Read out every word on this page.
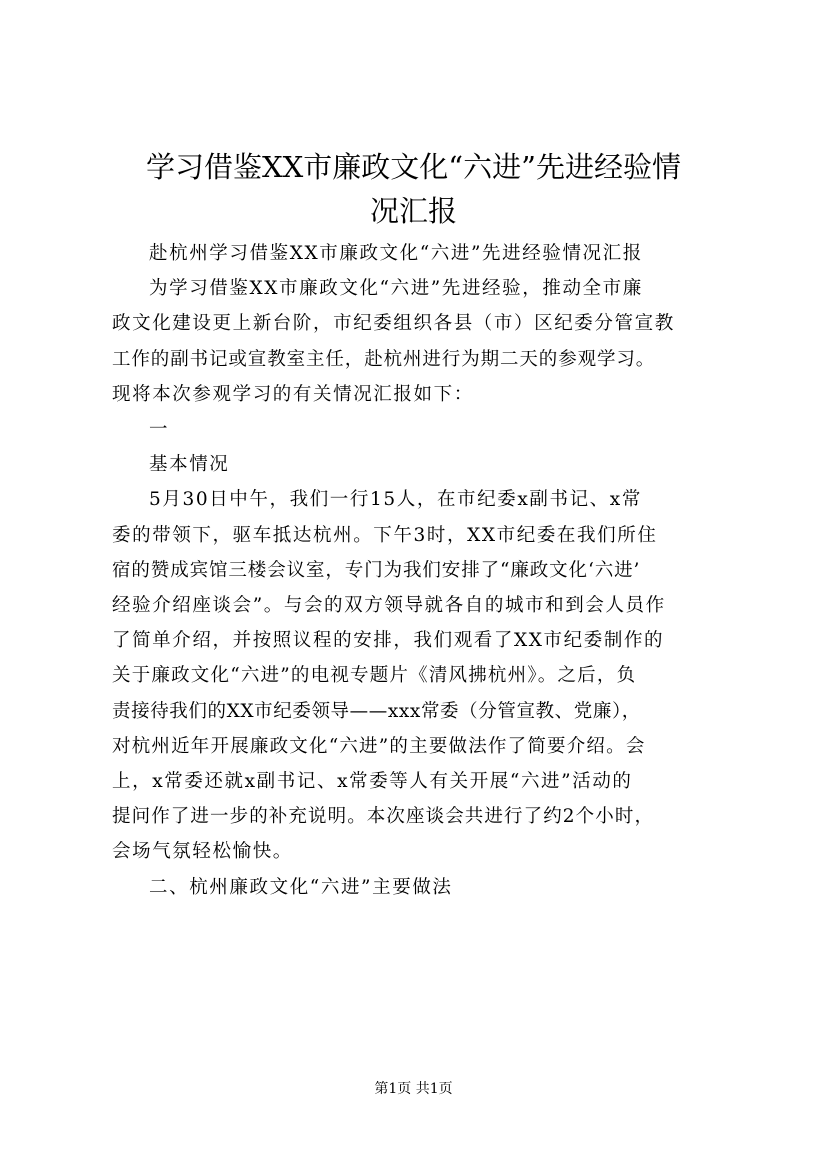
学习借鉴XX市廉政文化“六进”先进经验情
况汇报

赴杭州学习借鉴XX市廉政文化“六进”先进经验情况汇报

为学习借鉴XX市廉政文化“六进”先进经验，推动全市廉
政文化建设更上新台阶，市纪委组织各县（市）区纪委分管宣教
工作的副书记或宣教室主任，赴杭州进行为期二天的参观学习。
现将本次参观学习的有关情况汇报如下：

一

基本情况

5月30日中午，我们一行15人，在市纪委x副书记、x常
委的带领下，驱车抵达杭州。下午3时，XX市纪委在我们所住
宿的赞成宾馆三楼会议室，专门为我们安排了“廉政文化‘六进’
经验介绍座谈会”。与会的双方领导就各自的城市和到会人员作
了简单介绍，并按照议程的安排，我们观看了XX市纪委制作的
关于廉政文化“六进”的电视专题片《清风拂杭州》。之后，负
责接待我们的XX市纪委领导——xxx常委（分管宣教、党廉），
对杭州近年开展廉政文化“六进”的主要做法作了简要介绍。会
上，x常委还就x副书记、x常委等人有关开展“六进”活动的
提问作了进一步的补充说明。本次座谈会共进行了约2个小时，
会场气氛轻松愉快。

二、杭州廉政文化“六进”主要做法

第1页 共1页
